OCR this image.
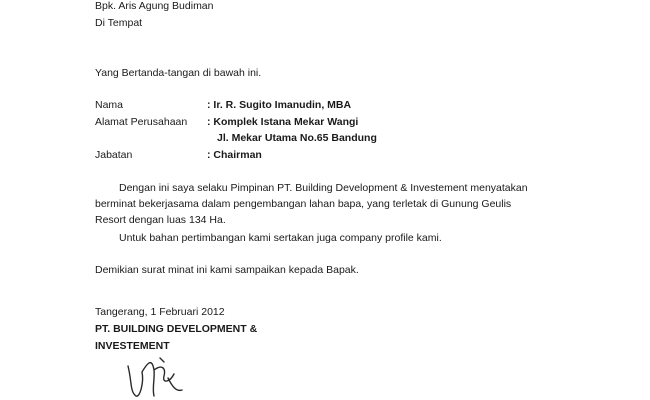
Bpk. Aris Agung Budiman
Di Tempat
Yang Bertanda-tangan di bawah ini.
Nama	: Ir. R. Sugito Imanudin, MBA
Alamat Perusahaan : Komplek Istana Mekar Wangi
Jl. Mekar Utama No.65 Bandung
Jabatan	: Chairman
Dengan ini saya selaku Pimpinan PT. Building Development & Investement menyatakan
berminat bekerjasama dalam pengembangan lahan bapa, yang terletak di Gunung Geulis
Resort dengan luas 134 Ha.
Untuk bahan pertimbangan kami sertakan juga company profile kami.
Demikian surat minat ini kami sampaikan kepada Bapak.
Tangerang, 1 Februari 2012
PT. BUILDING DEVELOPMENT &
INVESTEMENT
